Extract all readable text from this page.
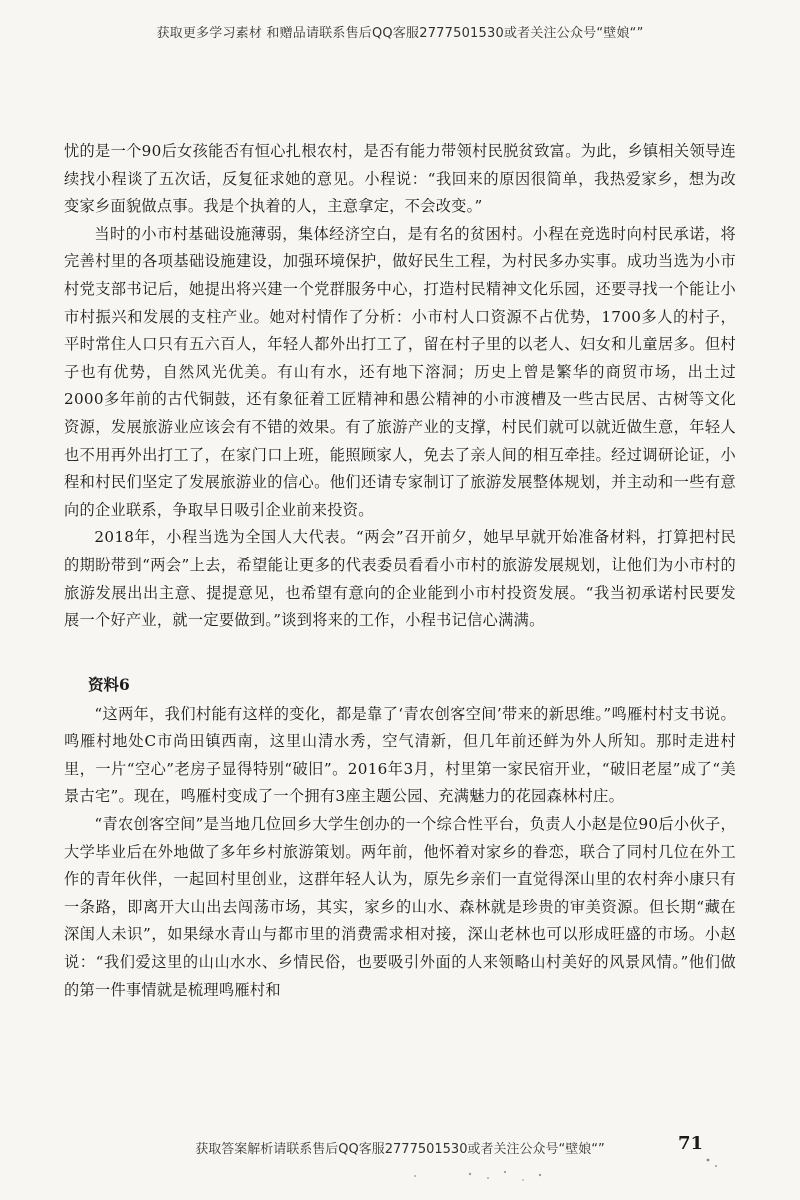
获取更多学习素材 和赠品请联系售后QQ客服2777501530或者关注公众号“壁娘“”

忧的是一个90后女孩能否有恒心扎根农村，是否有能力带领村民脱贫致富。为此，乡镇相关领导连续找小程谈了五次话，反复征求她的意见。小程说：“我回来的原因很简单，我热爱家乡，想为改变家乡面貌做点事。我是个执着的人，主意拿定，不会改变。”

当时的小市村基础设施薄弱，集体经济空白，是有名的贫困村。小程在竞选时向村民承诺，将完善村里的各项基础设施建设，加强环境保护，做好民生工程，为村民多办实事。成功当选为小市村党支部书记后，她提出将兴建一个党群服务中心，打造村民精神文化乐园，还要寻找一个能让小市村振兴和发展的支柱产业。她对村情作了分析：小市村人口资源不占优势，1700多人的村子，平时常住人口只有五六百人，年轻人都外出打工了，留在村子里的以老人、妇女和儿童居多。但村子也有优势，自然风光优美。有山有水，还有地下溶洞；历史上曾是繁华的商贸市场，出土过2000多年前的古代铜鼓，还有象征着工匠精神和愚公精神的小市渡槽及一些古民居、古树等文化资源，发展旅游业应该会有不错的效果。有了旅游产业的支撑，村民们就可以就近做生意，年轻人也不用再外出打工了，在家门口上班，能照顾家人，免去了亲人间的相互牵挂。经过调研论证，小程和村民们坚定了发展旅游业的信心。他们还请专家制订了旅游发展整体规划，并主动和一些有意向的企业联系，争取早日吸引企业前来投资。

2018年，小程当选为全国人大代表。“两会”召开前夕，她早早就开始准备材料，打算把村民的期盼带到“两会”上去，希望能让更多的代表委员看看小市村的旅游发展规划，让他们为小市村的旅游发展出出主意、提提意见，也希望有意向的企业能到小市村投资发展。“我当初承诺村民要发展一个好产业，就一定要做到。”谈到将来的工作，小程书记信心满满。

资料6

“这两年，我们村能有这样的变化，都是靠了‘青农创客空间’带来的新思维。”鸣雁村村支书说。鸣雁村地处C市尚田镇西南，这里山清水秀，空气清新，但几年前还鲜为外人所知。那时走进村里，一片“空心”老房子显得特别“破旧”。2016年3月，村里第一家民宿开业，“破旧老屋”成了“美景古宅”。现在，鸣雁村变成了一个拥有3座主题公园、充满魅力的花园森林村庄。

“青农创客空间”是当地几位回乡大学生创办的一个综合性平台，负责人小赵是位90后小伙子，大学毕业后在外地做了多年乡村旅游策划。两年前，他怀着对家乡的眷恋，联合了同村几位在外工作的青年伙伴，一起回村里创业，这群年轻人认为，原先乡亲们一直觉得深山里的农村奔小康只有一条路，即离开大山出去闯荡市场，其实，家乡的山水、森林就是珍贵的审美资源。但长期“藏在深闺人未识”，如果绿水青山与都市里的消费需求相对接，深山老林也可以形成旺盛的市场。小赵说：“我们爱这里的山山水水、乡情民俗，也要吸引外面的人来领略山村美好的风景风情。”他们做的第一件事情就是梳理鸣雁村和

获取答案解析请联系售后QQ客服2777501530或者关注公众号“壁娘“”	71
